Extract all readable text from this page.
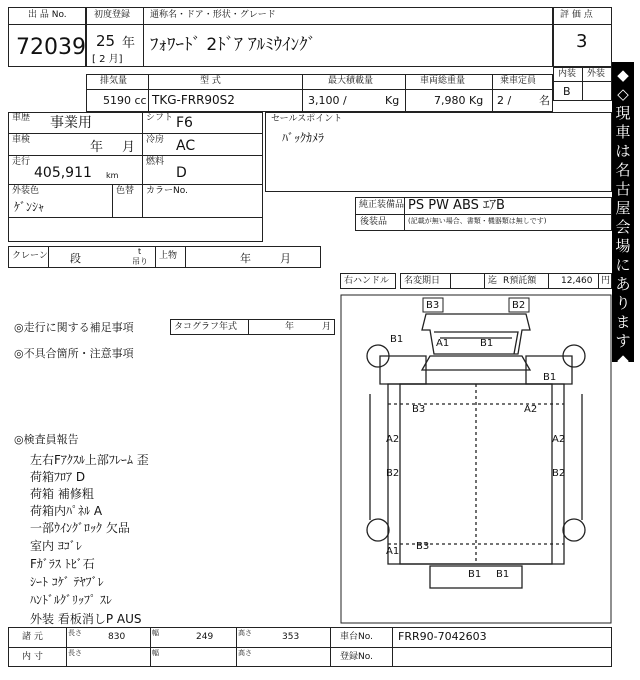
出 品 No.
72039
初度登録 通称名・ドア・形状・グレード
25 年
[ 2 月]
ﾌｫﾜｰﾄﾞ 2ﾄﾞｱ ｱﾙﾐｳｲﾝｸﾞ
評 価 点
3
内装 外装
B
排気量	型 式	最大積載量	車両総重量	乗車定員
5190 cc TKG-FRR90S2	3,100 /	Kg	7,980 Kg 2 /	名
車歴 事業用	シフト F6
車検	年 月 冷房 AC
走行
405,911 km
燃料
D
外装色
ｹﾞﾝｼｬ
色替 カラーNo.
クレーン 段
t
吊り
上物	年	月
セールスポイント
ﾊﾞｯｸｶﾒﾗ
純正装備品 PS PW ABS ｴｱB
後装品	(記載が無い場合、書類・機器類は無しです)
右ハンドル 名変期日	迄 R預託額	12,460 円
◆◇ 現車は名古屋会場にあります ◆◇
◎走行に関する補足事項	タコグラフ年式	年	月
◎不具合箇所・注意事項
◎検査員報告
左右Fｱｸｽﾙ上部ﾌﾚｰﾑ 歪
荷箱ﾌﾛｱ D
荷箱 補修粗
荷箱内ﾊﾟﾈﾙ A
一部ｳｲﾝｸﾞﾛｯｸ 欠品
室内 ﾖｺﾞﾚ
Fｶﾞﾗｽ ﾄﾋﾞ石
ｼｰﾄ ｺｹﾞ ﾃﾔﾌﾞﾚ
ﾊﾝﾄﾞﾙｸﾞﾘｯﾌﾟ ｽﾚ
外装 看板消しP AUS
B3	B2
A1	B1
B1
B1
B3	A2
A2
B2	B2
A2
A1 B3
B1 B1
諸 元	長さ	830	幅	249	高さ	353	車台No. FRR90-7042603
内 寸	長さ	幅	高さ	登録No.
